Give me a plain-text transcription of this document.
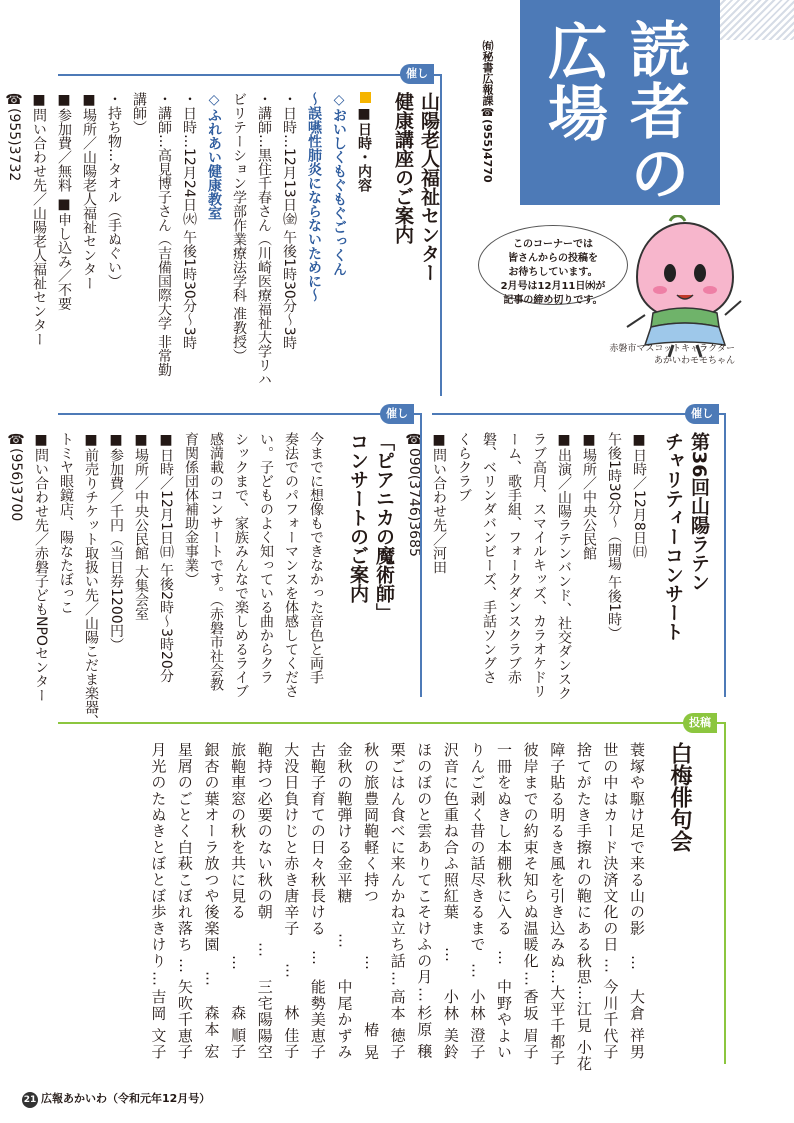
読者の
広場
㈲秘書広報課☎(955)4770
このコーナーでは
皆さんからの投稿を
お待ちしています。
2月号は12月11日㈬が
記事の締め切りです。
赤磐市マスコットキャラクター
あかいわモモちゃん
催し
山陽老人福祉センター
健康講座のご案内
■日時・内容
◇おいしくもぐもぐごっくん
～誤嚥性肺炎にならないために～
・日時…12月13日㈮ 午後1時30分～3時
・講師…黒住千春さん（川崎医療福祉大学リハ
ビリテーション学部作業療法学科 准教授）
◇ふれあい健康教室
・日時…12月24日㈫ 午後1時30分～3時
・講師…高見博子さん（吉備国際大学 非常勤
講師）
・持ち物…タオル（手ぬぐい）
■場所／山陽老人福祉センター
■参加費／無料 ■申し込み／不要
■問い合わせ先／山陽老人福祉センター
☎(955)3732
催し
第36回山陽ラテン
チャリティーコンサート
■日時／12月8日㈰
午後1時30分～（開場 午後1時）
■場所／中央公民館
■出演／山陽ラテンバンド、社交ダンスク
ラブ高月、スマイルキッズ、カラオケドリ
ーム、歌手組、フォークダンスクラブ赤
磐、ベリンダバンビーズ、手話ソングさ
くらクラブ
■問い合わせ先／河田
☎090(3746)3685
催し
「ピアニカの魔術師」
コンサートのご案内
今までに想像もできなかった音色と両手
奏法でのパフォーマンスを体感してくださ
い。子どものよく知っている曲からクラ
シックまで、家族みんなで楽しめるライブ
感満載のコンサートです。（赤磐市社会教
育関係団体補助金事業）
■日時／12月1日㈰ 午後2時～3時20分
■場所／中央公民館 大集会室
■参加費／千円（当日券1200円）
■前売りチケット取扱い先／山陽こだま楽器、
トミヤ眼鏡店、陽なたぼっこ
■問い合わせ先／赤磐子どもNPOセンター
☎(956)3700
投稿
白梅俳句会
蓑塚や駆け足で来る山の影
…
大倉 祥男
世の中はカード決済文化の日
…
今川千代子
捨てがたき手擦れの鞄にある秋思
…
江見 小花
障子貼る明るき風を引き込みぬ
…
大平千都子
彼岸までの約束そ知らぬ温暖化
…
香坂 眉子
一冊をぬきし本棚秋に入る
…
中野やよい
りんご剥く昔の話尽きるまで
…
小林 澄子
沢音に色重ね合ふ照紅葉
…
小林 美鈴
ほのぼのと雲ありてこそけふの月
…
杉原 穣
栗ごはん食べに来んかね立ち話
…
高本 徳子
秋の旅豊岡鞄軽く持つ
…
椿 晃
金秋の鞄弾ける金平糖
…
中尾かずみ
古鞄子育ての日々秋長ける
…
能勢美恵子
大没日負けじと赤き唐辛子
…
林 佳子
鞄持つ必要のない秋の朝
…
三宅陽陽空
旅鞄車窓の秋を共に見る
…
森 順子
銀杏の葉オーラ放つや後楽園
…
森本 宏
星屑のごとく白萩こぼれ落ち
…
矢吹千恵子
月光のたぬきとぼとぼ歩きけり
…
吉岡 文子
21 広報あかいわ（令和元年12月号）
